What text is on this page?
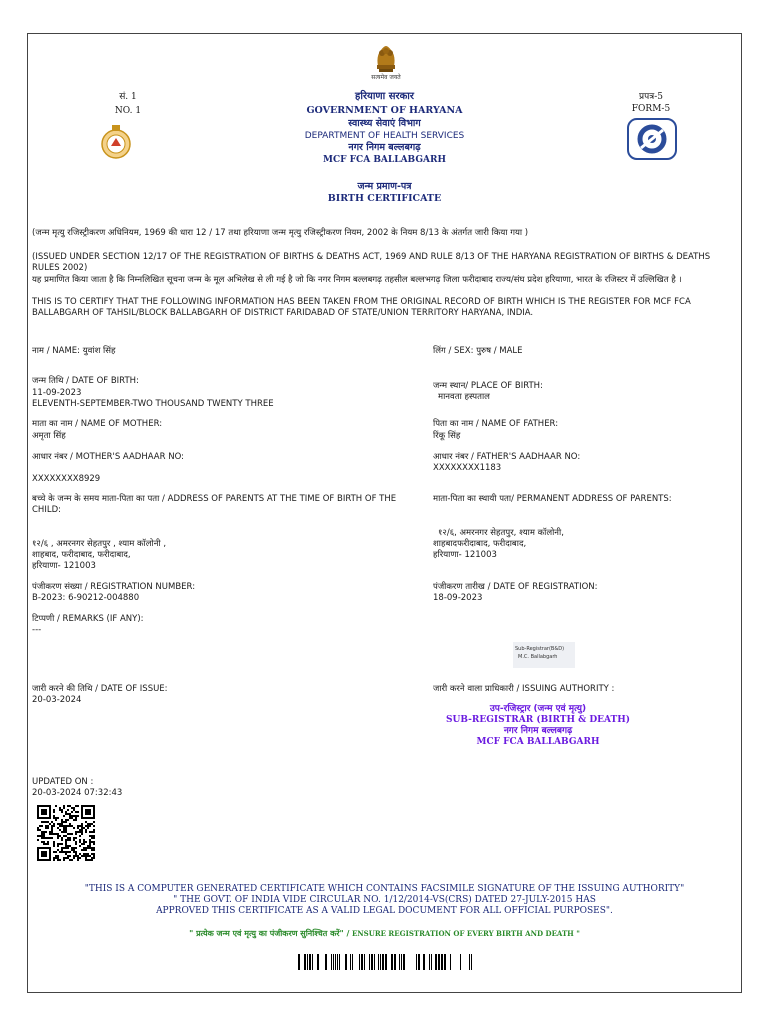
सत्यमेव जयते
सं. 1
NO. 1
प्रपत्र-5
FORM-5
हरियाणा सरकार
GOVERNMENT OF HARYANA
स्वास्थ्य सेवाएं विभाग
DEPARTMENT OF HEALTH SERVICES
नगर निगम बल्लबगढ़
MCF FCA BALLABGARH
जन्म प्रमाण-पत्र
BIRTH CERTIFICATE
(जन्म मृत्यु रजिस्ट्रीकरण अधिनियम, 1969 की धारा 12 / 17 तथा हरियाणा जन्म मृत्यु रजिस्ट्रीकरण नियम, 2002 के नियम 8/13 के अंतर्गत जारी किया गया )
(ISSUED UNDER SECTION 12/17 OF THE REGISTRATION OF BIRTHS & DEATHS ACT, 1969 AND RULE 8/13 OF THE HARYANA REGISTRATION OF BIRTHS & DEATHS RULES 2002)
यह प्रमाणित किया जाता है कि निम्नलिखित सूचना जन्म के मूल अभिलेख से ली गई है जो कि नगर निगम बल्लबगढ़ तहसील बल्लभगढ़ जिला फरीदाबाद राज्य/संघ प्रदेश हरियाणा, भारत के रजिस्टर में उल्लिखित है ।
THIS IS TO CERTIFY THAT THE FOLLOWING INFORMATION HAS BEEN TAKEN FROM THE ORIGINAL RECORD OF BIRTH WHICH IS THE REGISTER FOR MCF FCA BALLABGARH OF TAHSIL/BLOCK BALLABGARH OF DISTRICT FARIDABAD OF STATE/UNION TERRITORY HARYANA, INDIA.
नाम / NAME: युवांश सिंह	लिंग / SEX: पुरुष / MALE
जन्म तिथि / DATE OF BIRTH:
11-09-2023
ELEVENTH-SEPTEMBER-TWO THOUSAND TWENTY THREE
जन्म स्थान/ PLACE OF BIRTH:
मानवता हस्पताल
माता का नाम / NAME OF MOTHER:
अमृता सिंह
पिता का नाम / NAME OF FATHER:
रिंकू सिंह
आधार नंबर / MOTHER'S AADHAAR NO:
XXXXXXXX8929
आधार नंबर / FATHER'S AADHAAR NO:
XXXXXXXX1183
बच्चे के जन्म के समय माता-पिता का पता / ADDRESS OF PARENTS AT THE TIME OF BIRTH OF THE CHILD:
१२/६ , अमरनगर सेहतपुर , श्याम कॉलोनी ,
शाहबाद, फरीदाबाद, फरीदाबाद,
हरियाणा- 121003
माता-पिता का स्थायी पता/ PERMANENT ADDRESS OF PARENTS:
१२/६, अमरनगर सेहतपुर, श्याम कॉलोनी,
शाहबादफरीदाबाद, फरीदाबाद,
हरियाणा- 121003
पंजीकरण संख्या / REGISTRATION NUMBER:
B-2023: 6-90212-004880
पंजीकरण तारीख / DATE OF REGISTRATION:
18-09-2023
टिप्पणी / REMARKS (IF ANY):
---
Sub-Registrar(B&D)
M.C. Ballabgarh
जारी करने की तिथि / DATE OF ISSUE:
20-03-2024
जारी करने वाला प्राधिकारी / ISSUING AUTHORITY :
उप-रजिस्ट्रार (जन्म एवं मृत्यु)
SUB-REGISTRAR (BIRTH & DEATH)
नगर निगम बल्लबगढ़
MCF FCA BALLABGARH
UPDATED ON :
20-03-2024 07:32:43
"THIS IS A COMPUTER GENERATED CERTIFICATE WHICH CONTAINS FACSIMILE SIGNATURE OF THE ISSUING AUTHORITY"
" THE GOVT. OF INDIA VIDE CIRCULAR NO. 1/12/2014-VS(CRS) DATED 27-JULY-2015 HAS
APPROVED THIS CERTIFICATE AS A VALID LEGAL DOCUMENT FOR ALL OFFICIAL PURPOSES".
" प्रत्येक जन्म एवं मृत्यु का पंजीकरण सुनिश्चित करें" / ENSURE REGISTRATION OF EVERY BIRTH AND DEATH "
